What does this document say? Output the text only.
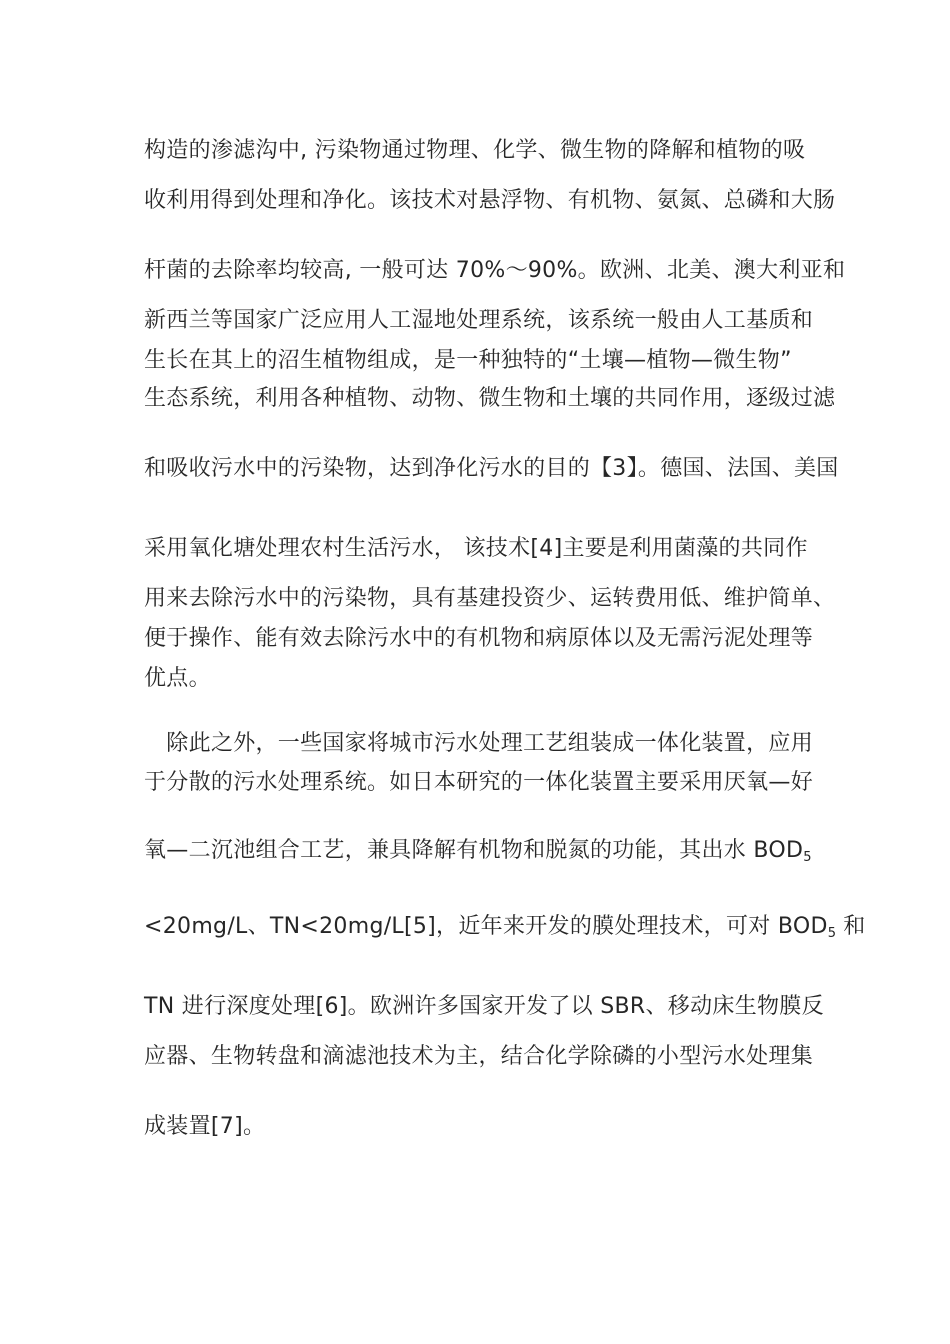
构造的渗滤沟中, 污染物通过物理、化学、微生物的降解和植物的吸
收利用得到处理和净化。该技术对悬浮物、有机物、氨氮、总磷和大肠
杆菌的去除率均较高, 一般可达 70%～90%。欧洲、北美、澳大利亚和
新西兰等国家广泛应用人工湿地处理系统，该系统一般由人工基质和
生长在其上的沼生植物组成，是一种独特的“土壤—植物—微生物”
生态系统，利用各种植物、动物、微生物和土壤的共同作用，逐级过滤
和吸收污水中的污染物，达到净化污水的目的【3】。德国、法国、美国
采用氧化塘处理农村生活污水， 该技术[4]主要是利用菌藻的共同作
用来去除污水中的污染物，具有基建投资少、运转费用低、维护简单、
便于操作、能有效去除污水中的有机物和病原体以及无需污泥处理等
优点。
　除此之外，一些国家将城市污水处理工艺组装成一体化装置，应用
于分散的污水处理系统。如日本研究的一体化装置主要采用厌氧—好
氧—二沉池组合工艺，兼具降解有机物和脱氮的功能，其出水 $BOD_5$
<20mg/L、TN<20mg/L[5]，近年来开发的膜处理技术，可对 $BOD_5$ 和
TN 进行深度处理[6]。欧洲许多国家开发了以 SBR、移动床生物膜反
应器、生物转盘和滴滤池技术为主，结合化学除磷的小型污水处理集
成装置[7]。
